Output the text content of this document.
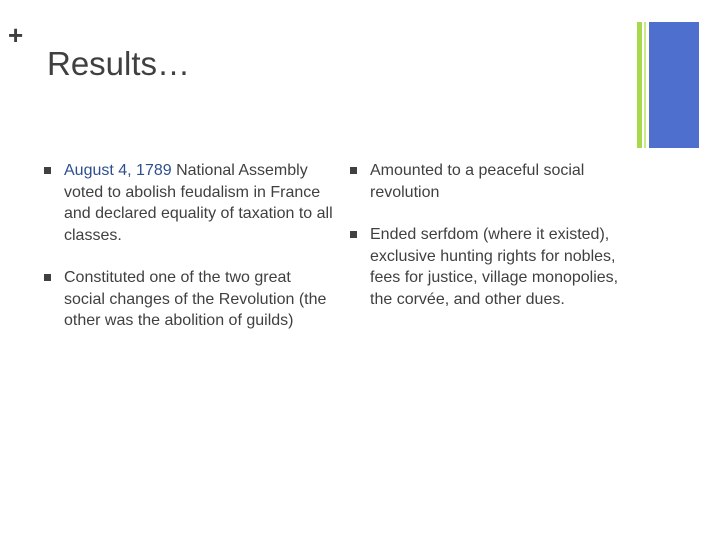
+
Results…
August 4, 1789 National Assembly voted to abolish feudalism in France and declared equality of taxation to all classes.
Constituted one of the two great social changes of the Revolution (the other was the abolition of guilds)
Amounted to a peaceful social revolution
Ended serfdom (where it existed), exclusive hunting rights for nobles, fees for justice, village monopolies, the corvée, and other dues.
